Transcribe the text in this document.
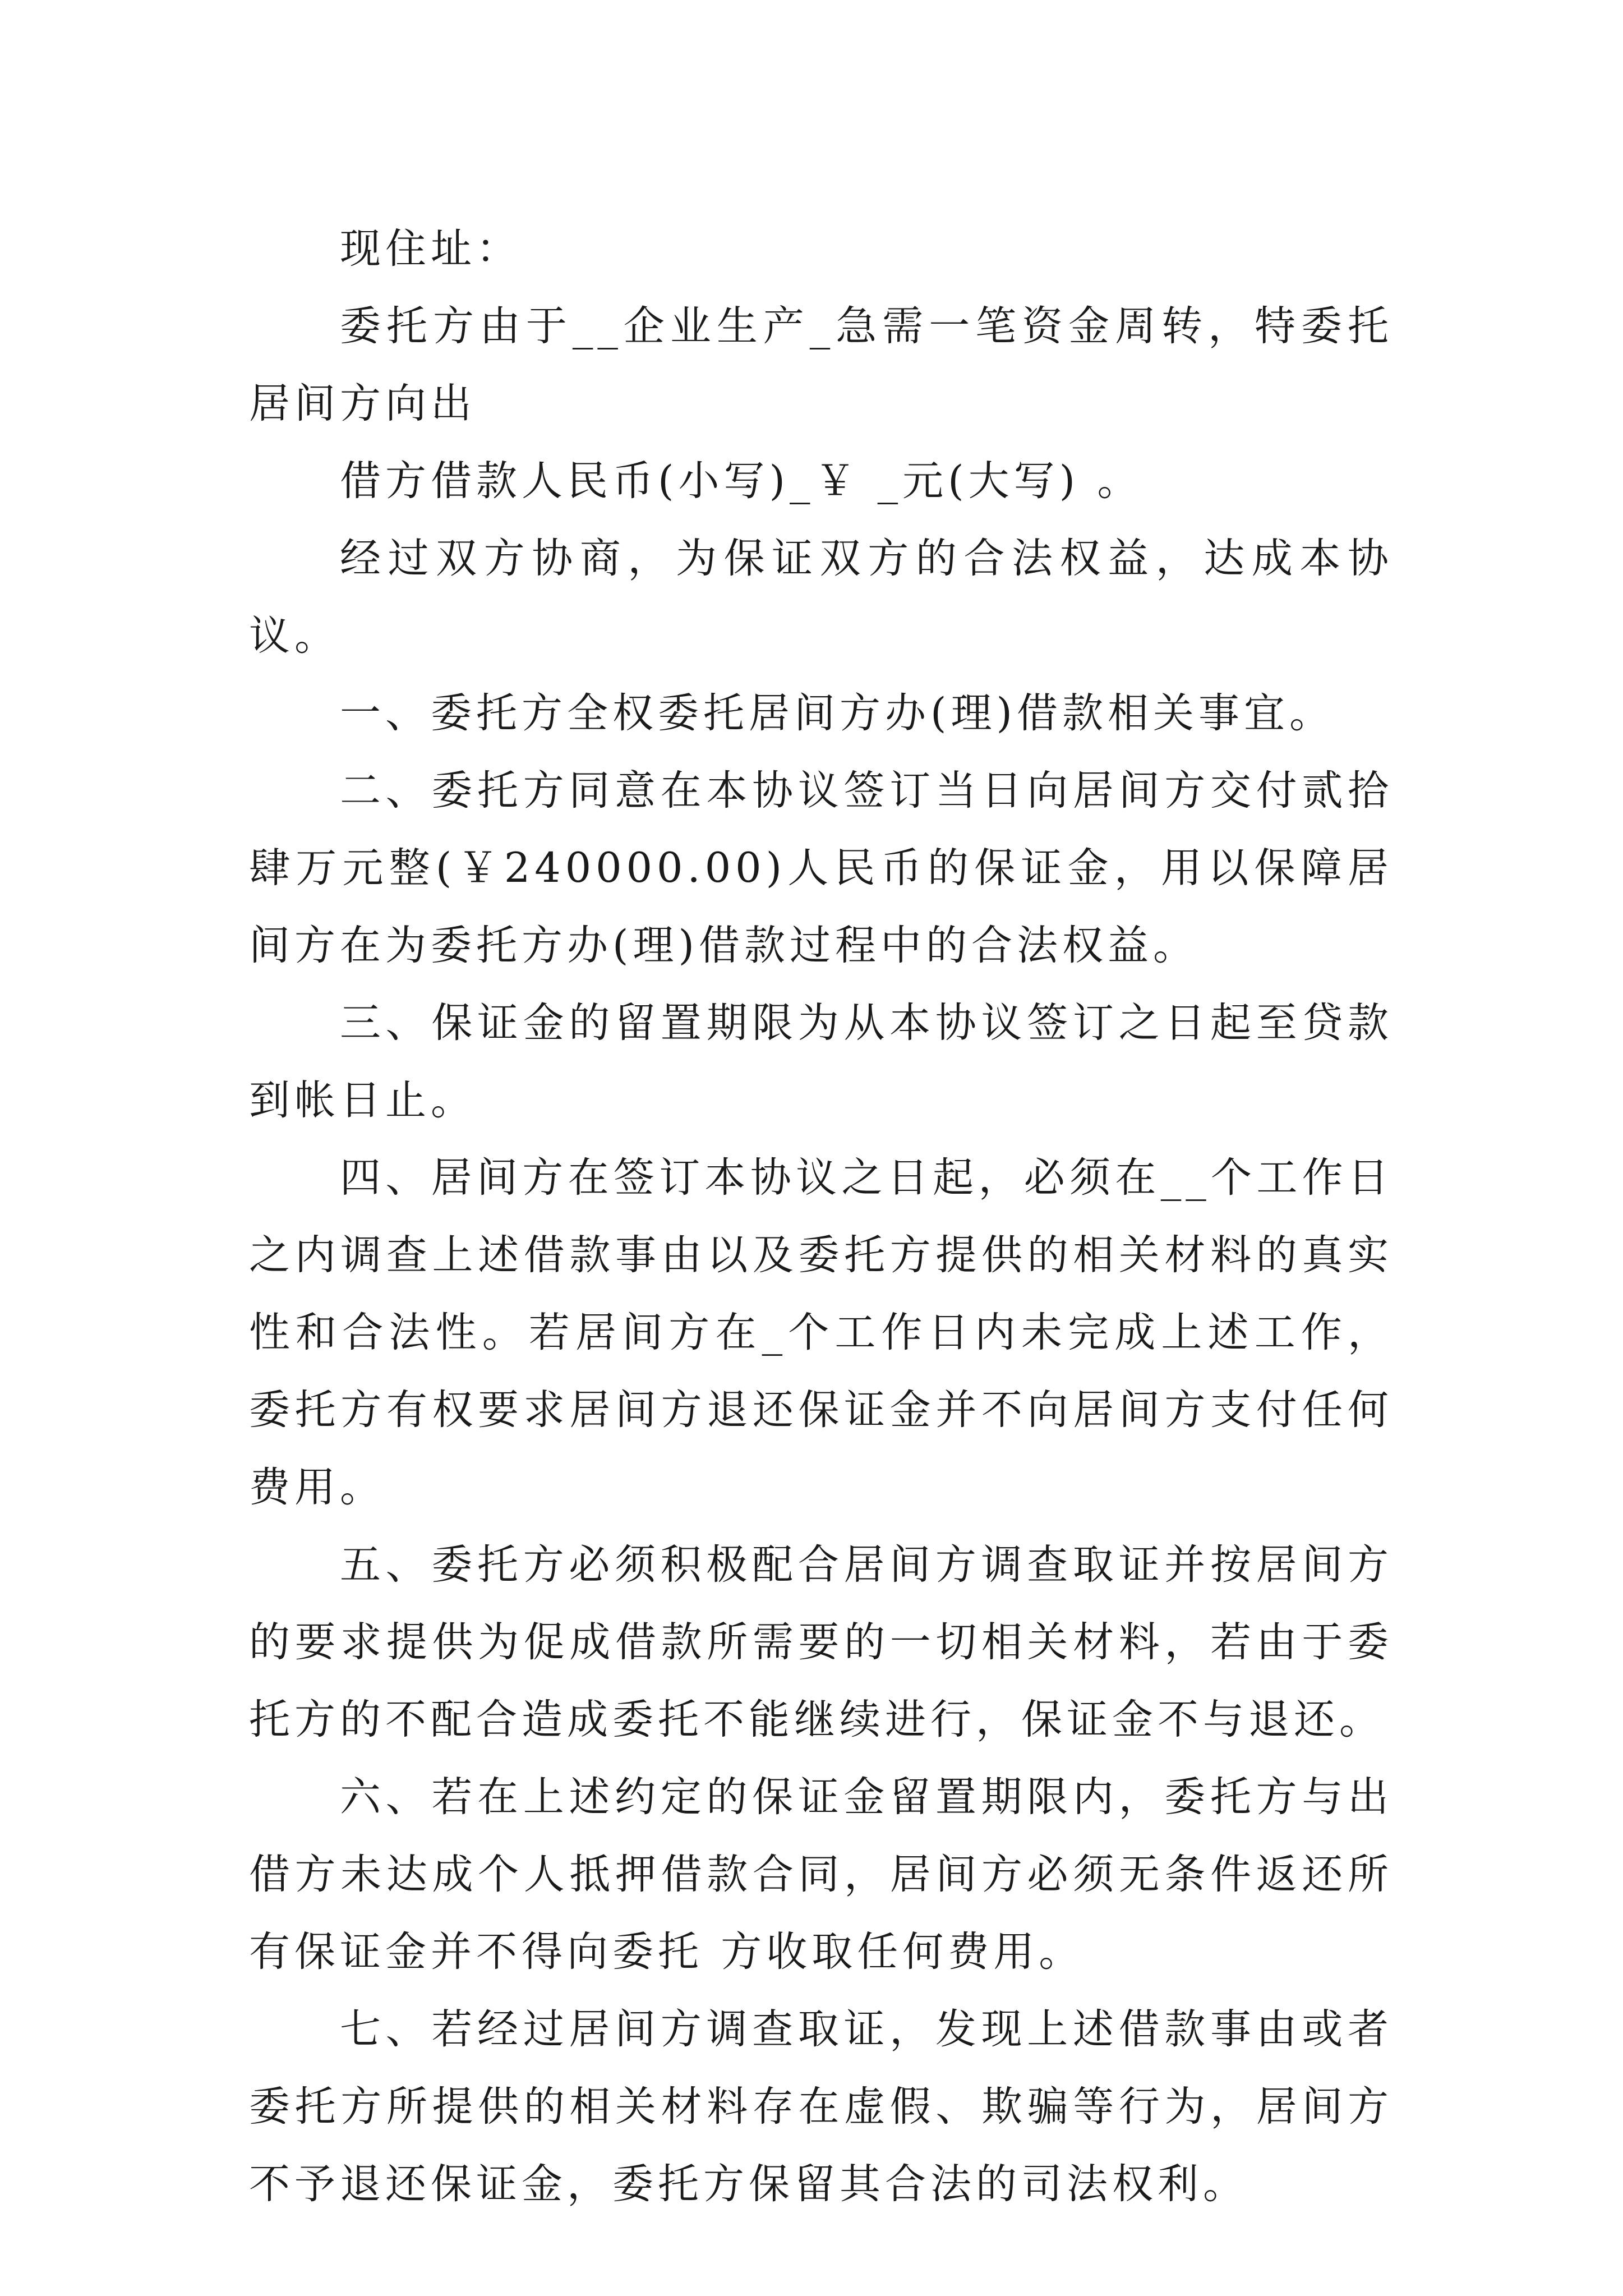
现住址：

委托方由于__企业生产_急需一笔资金周转，特委托居间方向出

借方借款人民币(小写)_￥ _元(大写) 。

经过双方协商，为保证双方的合法权益，达成本协议。

一、委托方全权委托居间方办(理)借款相关事宜。

二、委托方同意在本协议签订当日向居间方交付贰拾肆万元整(￥240000.00)人民币的保证金，用以保障居间方在为委托方办(理)借款过程中的合法权益。

三、保证金的留置期限为从本协议签订之日起至贷款到帐日止。

四、居间方在签订本协议之日起，必须在__个工作日之内调查上述借款事由以及委托方提供的相关材料的真实性和合法性。若居间方在_个工作日内未完成上述工作，委托方有权要求居间方退还保证金并不向居间方支付任何费用。

五、委托方必须积极配合居间方调查取证并按居间方的要求提供为促成借款所需要的一切相关材料，若由于委托方的不配合造成委托不能继续进行，保证金不与退还。

六、若在上述约定的保证金留置期限内，委托方与出借方未达成个人抵押借款合同，居间方必须无条件返还所有保证金并不得向委托 方收取任何费用。

七、若经过居间方调查取证，发现上述借款事由或者委托方所提供的相关材料存在虚假、欺骗等行为，居间方不予退还保证金，委托方保留其合法的司法权利。
